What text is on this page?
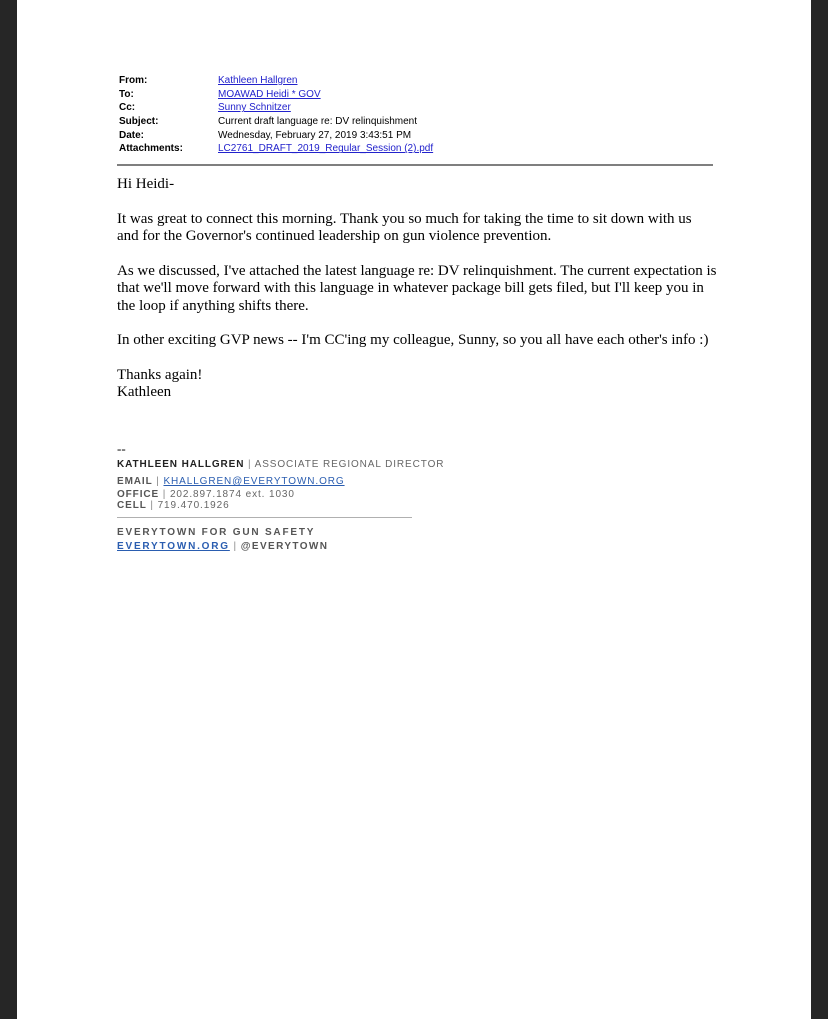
From:	Kathleen Hallgren
To:	MOAWAD Heidi * GOV
Cc:	Sunny Schnitzer
Subject:	Current draft language re: DV relinquishment
Date:	Wednesday, February 27, 2019 3:43:51 PM
Attachments:	LC2761_DRAFT_2019_Regular_Session (2).pdf

Hi Heidi-

It was great to connect this morning. Thank you so much for taking the time to sit down with us and for the Governor's continued leadership on gun violence prevention.

As we discussed, I've attached the latest language re: DV relinquishment. The current expectation is that we'll move forward with this language in whatever package bill gets filed, but I'll keep you in the loop if anything shifts there.

In other exciting GVP news -- I'm CC'ing my colleague, Sunny, so you all have each other's info :)

Thanks again!
Kathleen
--
KATHLEEN HALLGREN | ASSOCIATE REGIONAL DIRECTOR
EMAIL | KHALLGREN@EVERYTOWN.ORG
OFFICE | 202.897.1874 ext. 1030
CELL | 719.470.1926
EVERYTOWN FOR GUN SAFETY
EVERYTOWN.ORG | @EVERYTOWN
